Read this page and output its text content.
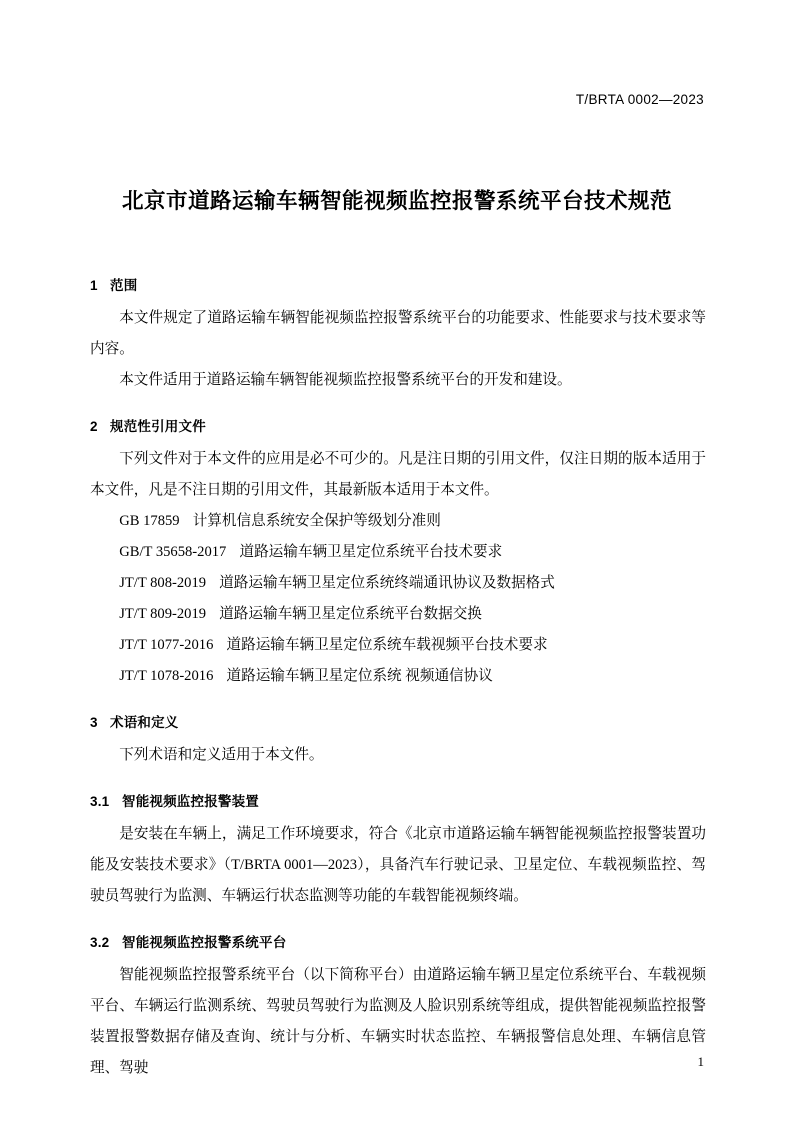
T/BRTA 0002—2023
北京市道路运输车辆智能视频监控报警系统平台技术规范
1 范围

本文件规定了道路运输车辆智能视频监控报警系统平台的功能要求、性能要求与技术要求等内容。

本文件适用于道路运输车辆智能视频监控报警系统平台的开发和建设。

2 规范性引用文件

下列文件对于本文件的应用是必不可少的。凡是注日期的引用文件，仅注日期的版本适用于本文件，凡是不注日期的引用文件，其最新版本适用于本文件。

GB 17859 计算机信息系统安全保护等级划分准则

GB/T 35658-2017 道路运输车辆卫星定位系统平台技术要求

JT/T 808-2019 道路运输车辆卫星定位系统终端通讯协议及数据格式

JT/T 809-2019 道路运输车辆卫星定位系统平台数据交换

JT/T 1077-2016 道路运输车辆卫星定位系统车载视频平台技术要求

JT/T 1078-2016 道路运输车辆卫星定位系统 视频通信协议

3 术语和定义

下列术语和定义适用于本文件。

3.1 智能视频监控报警装置

是安装在车辆上，满足工作环境要求，符合《北京市道路运输车辆智能视频监控报警装置功能及安装技术要求》（T/BRTA 0001—2023），具备汽车行驶记录、卫星定位、车载视频监控、驾驶员驾驶行为监测、车辆运行状态监测等功能的车载智能视频终端。

3.2 智能视频监控报警系统平台

智能视频监控报警系统平台（以下简称平台）由道路运输车辆卫星定位系统平台、车载视频平台、车辆运行监测系统、驾驶员驾驶行为监测及人脸识别系统等组成，提供智能视频监控报警装置报警数据存储及查询、统计与分析、车辆实时状态监控、车辆报警信息处理、车辆信息管理、驾驶	1
